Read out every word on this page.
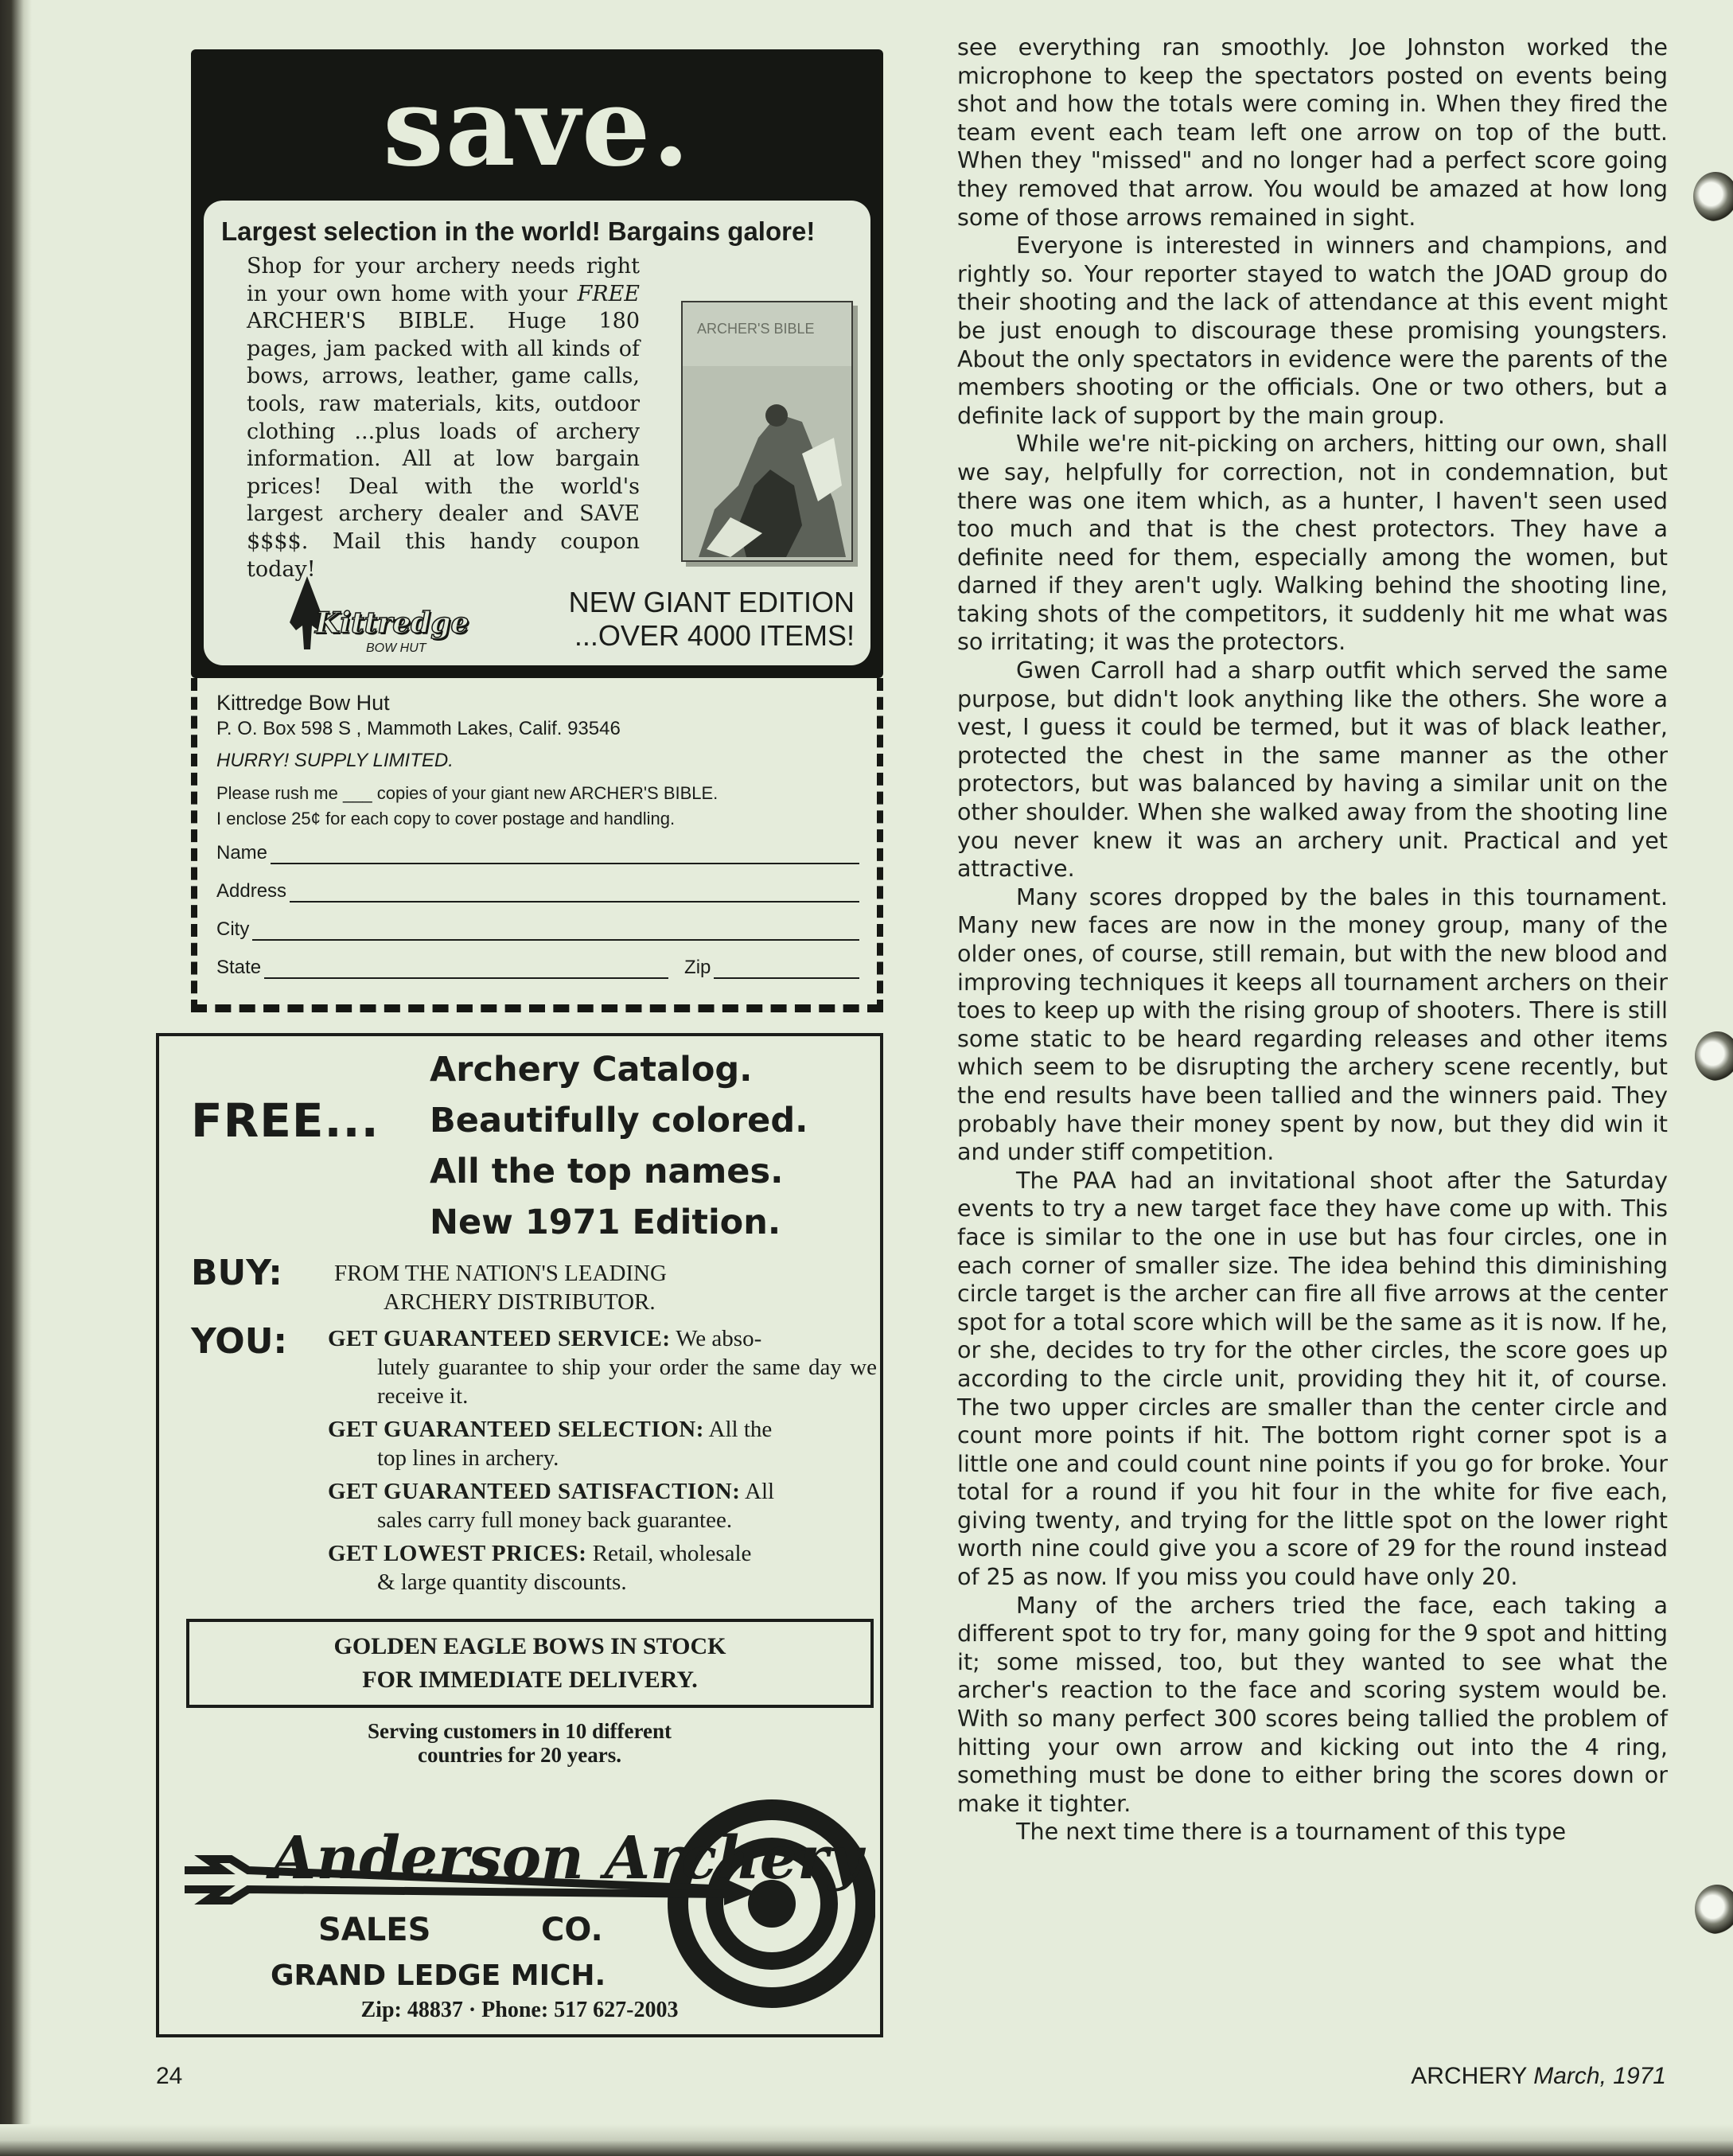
save.
Largest selection in the world! Bargains galore!
Shop for your archery needs right in your own home with your FREE ARCHER'S BIBLE. Huge 180 pages, jam packed with all kinds of bows, arrows, leather, game calls, tools, raw materials, kits, outdoor clothing ...plus loads of archery information. All at low bargain prices! Deal with the world's largest archery dealer and SAVE $$$$. Mail this handy coupon today!
ARCHER'S BIBLE
Kittredge
BOW HUT
NEW GIANT EDITION
...OVER 4000 ITEMS!
Kittredge Bow Hut
P. O. Box 598 S , Mammoth Lakes, Calif. 93546
HURRY! SUPPLY LIMITED.
Please rush me ___ copies of your giant new ARCHER'S BIBLE.
I enclose 25¢ for each copy to cover postage and handling.
Name
Address
City
State	Zip
FREE...
Archery Catalog.
Beautifully colored.
All the top names.
New 1971 Edition.
BUY: FROM THE NATION'S LEADING
ARCHERY DISTRIBUTOR.
YOU: GET GUARANTEED SERVICE: We abso-
lutely guarantee to ship your order the same day we receive it.
GET GUARANTEED SELECTION: All the
top lines in archery.
GET GUARANTEED SATISFACTION: All
sales carry full money back guarantee.
GET LOWEST PRICES: Retail, wholesale
& large quantity discounts.
GOLDEN EAGLE BOWS IN STOCK
FOR IMMEDIATE DELIVERY.
Serving customers in 10 different
countries for 20 years.
Anderson Archery
SALES	CO.
GRAND LEDGE MICH.
Zip: 48837 · Phone: 517 627-2003

see everything ran smoothly. Joe Johnston worked the microphone to keep the spectators posted on events being shot and how the totals were coming in. When they fired the team event each team left one arrow on top of the butt. When they "missed" and no longer had a perfect score going they removed that arrow. You would be amazed at how long some of those arrows remained in sight.

Everyone is interested in winners and champions, and rightly so. Your reporter stayed to watch the JOAD group do their shooting and the lack of attendance at this event might be just enough to discourage these promising youngsters. About the only spectators in evidence were the parents of the members shooting or the officials. One or two others, but a definite lack of support by the main group.

While we're nit-picking on archers, hitting our own, shall we say, helpfully for correction, not in condemnation, but there was one item which, as a hunter, I haven't seen used too much and that is the chest protectors. They have a definite need for them, especially among the women, but darned if they aren't ugly. Walking behind the shooting line, taking shots of the competitors, it suddenly hit me what was so irritating; it was the protectors.

Gwen Carroll had a sharp outfit which served the same purpose, but didn't look anything like the others. She wore a vest, I guess it could be termed, but it was of black leather, protected the chest in the same manner as the other protectors, but was balanced by having a similar unit on the other shoulder. When she walked away from the shooting line you never knew it was an archery unit. Practical and yet attractive.

Many scores dropped by the bales in this tournament. Many new faces are now in the money group, many of the older ones, of course, still remain, but with the new blood and improving techniques it keeps all tournament archers on their toes to keep up with the rising group of shooters. There is still some static to be heard regarding releases and other items which seem to be disrupting the archery scene recently, but the end results have been tallied and the winners paid. They probably have their money spent by now, but they did win it and under stiff competition.

The PAA had an invitational shoot after the Saturday events to try a new target face they have come up with. This face is similar to the one in use but has four circles, one in each corner of smaller size. The idea behind this diminishing circle target is the archer can fire all five arrows at the center spot for a total score which will be the same as it is now. If he, or she, decides to try for the other circles, the score goes up according to the circle unit, providing they hit it, of course. The two upper circles are smaller than the center circle and count more points if hit. The bottom right corner spot is a little one and could count nine points if you go for broke. Your total for a round if you hit four in the white for five each, giving twenty, and trying for the little spot on the lower right worth nine could give you a score of 29 for the round instead of 25 as now. If you miss you could have only 20.

Many of the archers tried the face, each taking a different spot to try for, many going for the 9 spot and hitting it; some missed, too, but they wanted to see what the archer's reaction to the face and scoring system would be. With so many perfect 300 scores being tallied the problem of hitting your own arrow and kicking out into the 4 ring, something must be done to either bring the scores down or make it tighter.

The next time there is a tournament of this type

24	ARCHERY March, 1971
